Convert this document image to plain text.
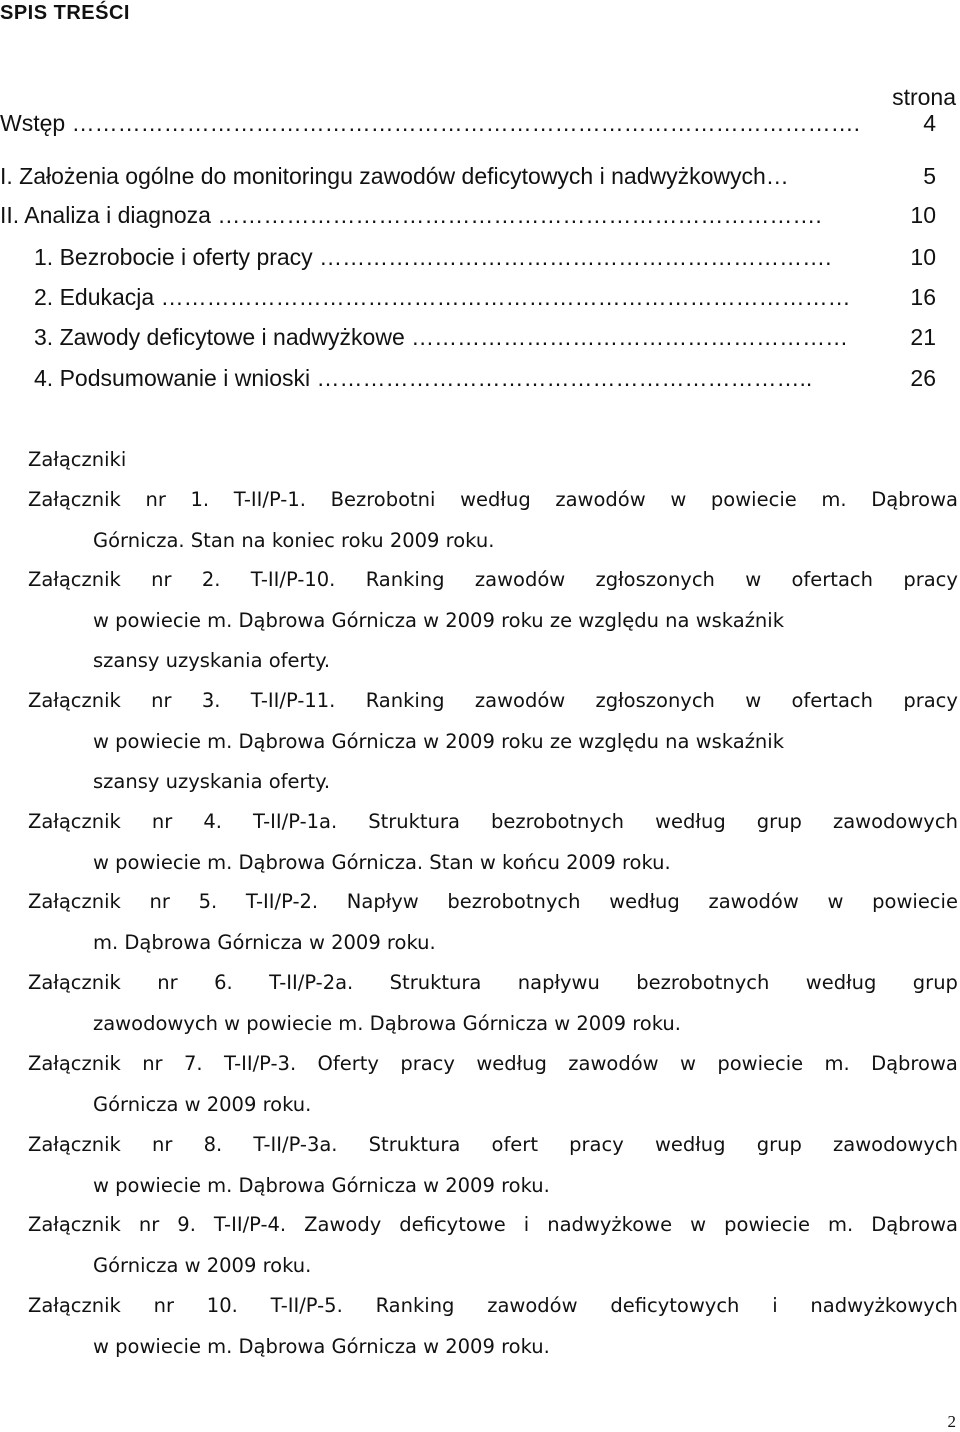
SPIS TREŚCI
strona
Wstęp ………………………………………………………………………………………….	4
I. Założenia ogólne do monitoringu zawodów deficytowych i nadwyżkowych…	5
II. Analiza i diagnoza …………………………………………………………………….	10
1. Bezrobocie i oferty pracy ………………………………………………………….	10
2. Edukacja ………………………………………………………………………………	16
3. Zawody deficytowe i nadwyżkowe …………………………………………………	21
4. Podsumowanie i wnioski ………………………………………………………..	26
Załączniki
Załącznik nr 1. T-II/P-1. Bezrobotni według zawodów w powiecie m. Dąbrowa
Górnicza. Stan na koniec roku 2009 roku.
Załącznik nr 2. T-II/P-10. Ranking zawodów zgłoszonych w ofertach pracy
w powiecie m. Dąbrowa Górnicza w 2009 roku ze względu na wskaźnik
szansy uzyskania oferty.
Załącznik nr 3. T-II/P-11. Ranking zawodów zgłoszonych w ofertach pracy
w powiecie m. Dąbrowa Górnicza w 2009 roku ze względu na wskaźnik
szansy uzyskania oferty.
Załącznik nr 4. T-II/P-1a. Struktura bezrobotnych według grup zawodowych
w powiecie m. Dąbrowa Górnicza. Stan w końcu 2009 roku.
Załącznik nr 5. T-II/P-2. Napływ bezrobotnych według zawodów w powiecie
m. Dąbrowa Górnicza w 2009 roku.
Załącznik nr 6. T-II/P-2a. Struktura napływu bezrobotnych według grup
zawodowych w powiecie m. Dąbrowa Górnicza w 2009 roku.
Załącznik nr 7. T-II/P-3. Oferty pracy według zawodów w powiecie m. Dąbrowa
Górnicza w 2009 roku.
Załącznik nr 8. T-II/P-3a. Struktura ofert pracy według grup zawodowych
w powiecie m. Dąbrowa Górnicza w 2009 roku.
Załącznik nr 9. T-II/P-4. Zawody deficytowe i nadwyżkowe w powiecie m. Dąbrowa
Górnicza w 2009 roku.
Załącznik nr 10. T-II/P-5. Ranking zawodów deficytowych i nadwyżkowych
w powiecie m. Dąbrowa Górnicza w 2009 roku.
2
